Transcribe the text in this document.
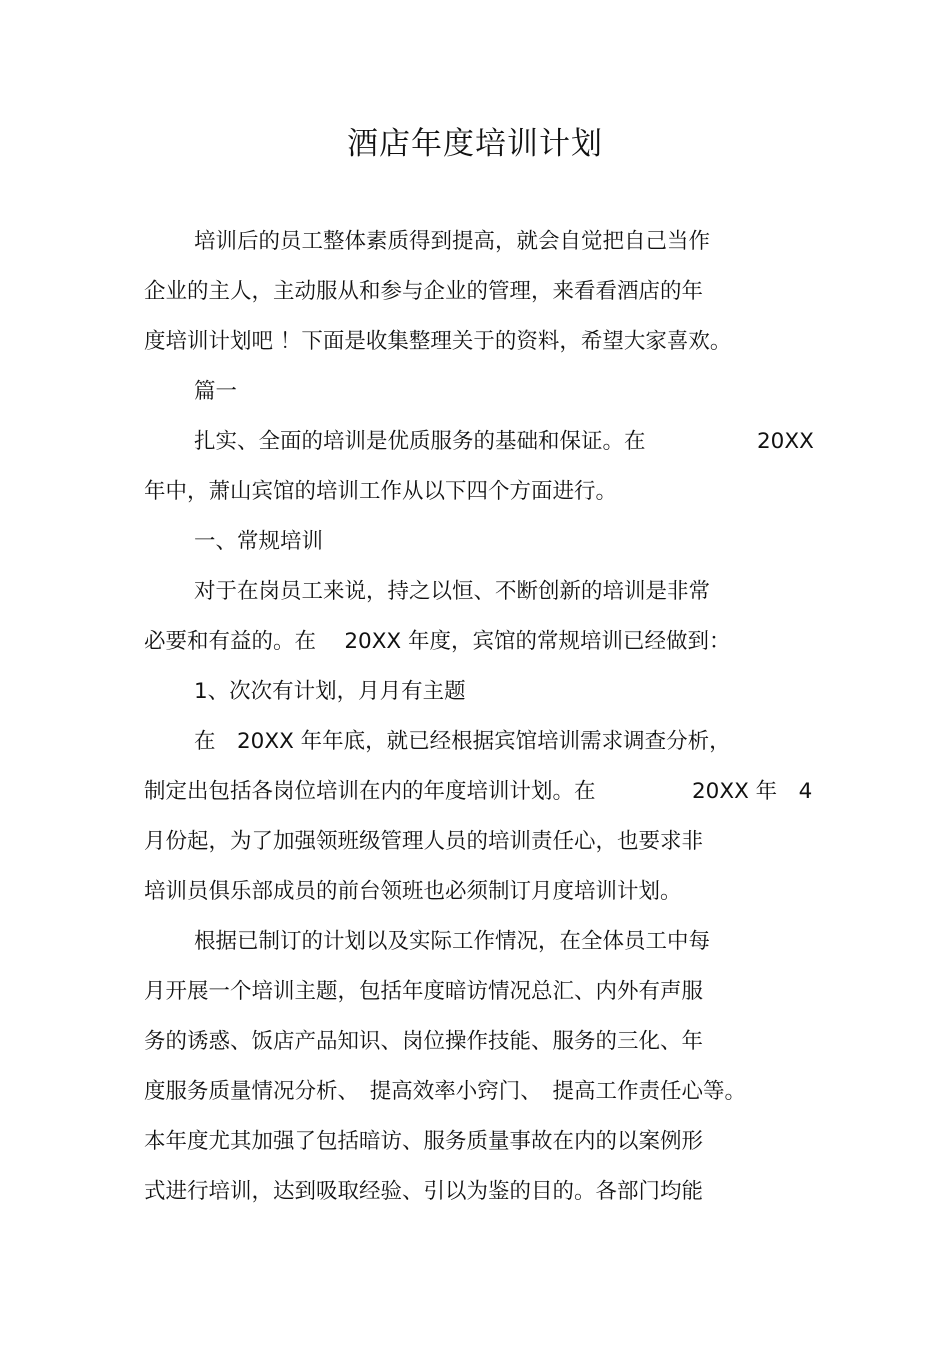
酒店年度培训计划

培训后的员工整体素质得到提高，就会自觉把自己当作

企业的主人，主动服从和参与企业的管理，来看看酒店的年

度培训计划吧 ！下面是收集整理关于的资料，希望大家喜欢。

篇一

扎实、全面的培训是优质服务的基础和保证。在	20XX

年中，萧山宾馆的培训工作从以下四个方面进行。

一、常规培训

对于在岗员工来说，持之以恒、不断创新的培训是非常

必要和有益的。在　 20XX 年度，宾馆的常规培训已经做到：

1、次次有计划，月月有主题

在　20XX 年年底，就已经根据宾馆培训需求调查分析，

制定出包括各岗位培训在内的年度培训计划。在	20XX 年　4

月份起，为了加强领班级管理人员的培训责任心，也要求非

培训员俱乐部成员的前台领班也必须制订月度培训计划。

根据已制订的计划以及实际工作情况，在全体员工中每

月开展一个培训主题，包括年度暗访情况总汇、内外有声服

务的诱惑、饭店产品知识、岗位操作技能、服务的三化、年

度服务质量情况分析、　提高效率小窍门、　提高工作责任心等。

本年度尤其加强了包括暗访、服务质量事故在内的以案例形

式进行培训，达到吸取经验、引以为鉴的目的。各部门均能
